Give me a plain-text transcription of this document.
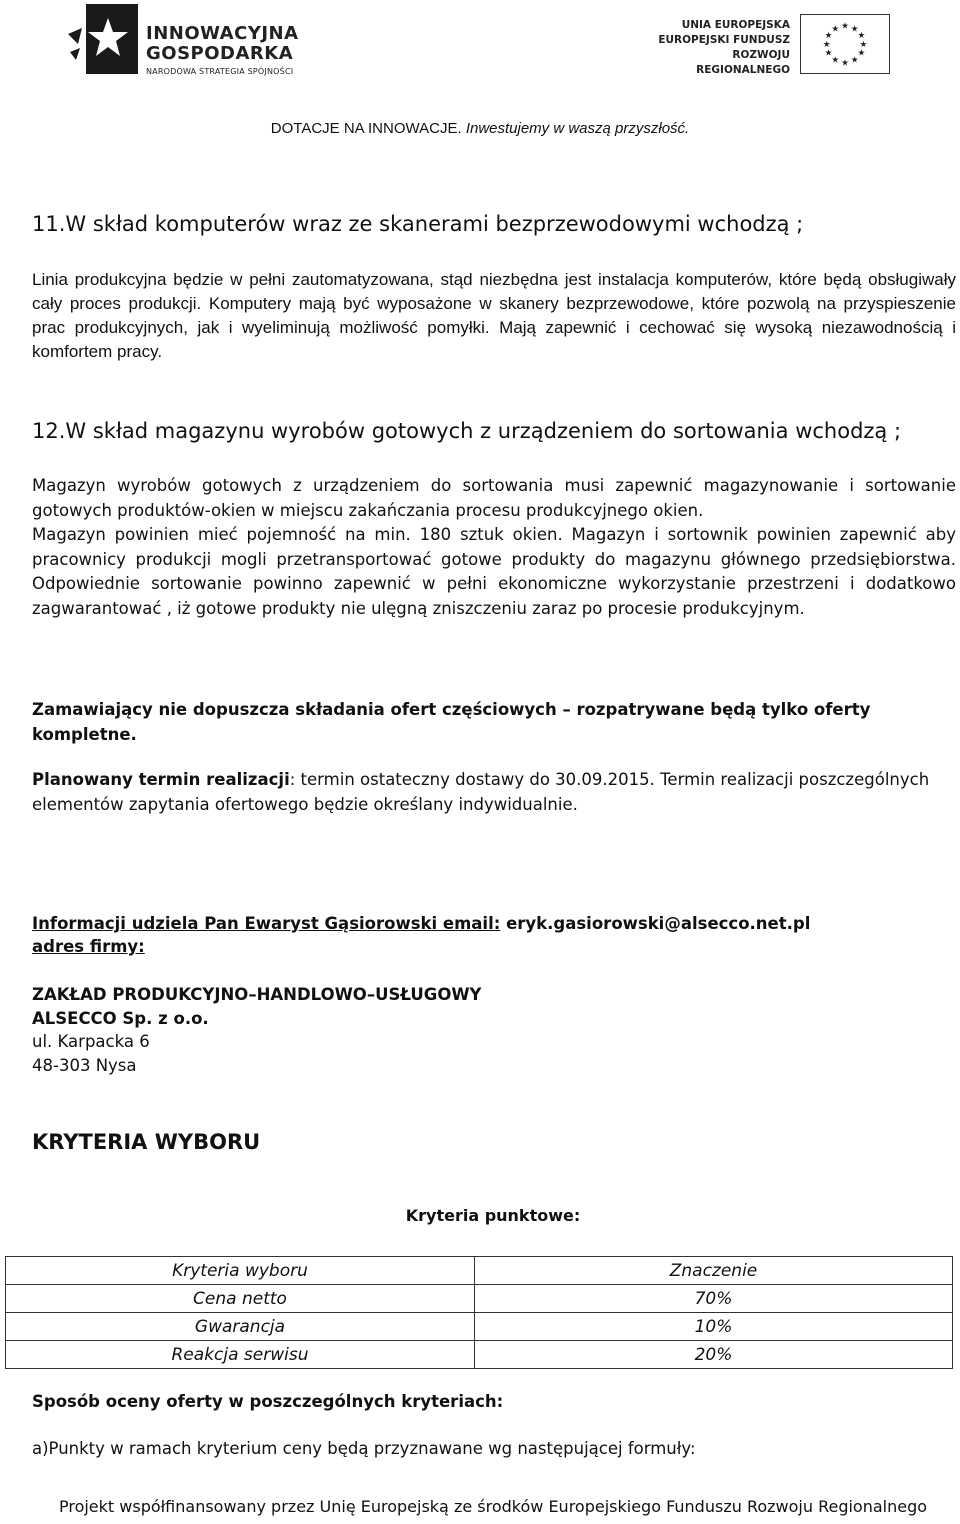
INNOWACYJNA
GOSPODARKA
NARODOWA STRATEGIA SPÓJNOŚCI
UNIA EUROPEJSKA
EUROPEJSKI FUNDUSZ
ROZWOJU REGIONALNEGO
★ ★
★
★
★
★
★
★
★
★
★
★
DOTACJE NA INNOWACJE. Inwestujemy w waszą przyszłość.
11.W skład komputerów wraz ze skanerami bezprzewodowymi wchodzą ;

Linia produkcyjna będzie w pełni zautomatyzowana, stąd niezbędna jest instalacja komputerów, które będą obsługiwały cały proces produkcji. Komputery mają być wyposażone w skanery bezprzewodowe, które pozwolą na przyspieszenie prac produkcyjnych, jak i wyeliminują możliwość pomyłki. Mają zapewnić i cechować się wysoką niezawodnością i komfortem pracy.

12.W skład magazynu wyrobów gotowych z urządzeniem do sortowania wchodzą ;

Magazyn wyrobów gotowych z urządzeniem do sortowania musi zapewnić magazynowanie i sortowanie gotowych produktów-okien w miejscu zakańczania procesu produkcyjnego okien.

Magazyn powinien mieć pojemność na min. 180 sztuk okien. Magazyn i sortownik powinien zapewnić aby pracownicy produkcji mogli przetransportować gotowe produkty do magazynu głównego przedsiębiorstwa. Odpowiednie sortowanie powinno zapewnić w pełni ekonomiczne wykorzystanie przestrzeni i dodatkowo zagwarantować , iż gotowe produkty nie ulęgną zniszczeniu zaraz po procesie produkcyjnym.

Zamawiający nie dopuszcza składania ofert częściowych – rozpatrywane będą tylko oferty kompletne.
Planowany termin realizacji: termin ostateczny dostawy do 30.09.2015. Termin realizacji poszczególnych elementów zapytania ofertowego będzie określany indywidualnie.
Informacji udziela Pan Ewaryst Gąsiorowski email: eryk.gasiorowski@alsecco.net.pl
adres firmy:
ZAKŁAD PRODUKCYJNO–HANDLOWO–USŁUGOWY
ALSECCO Sp. z o.o.
ul. Karpacka 6
48-303 Nysa
KRYTERIA WYBORU
Kryteria punktowe:
Kryteria wyboru	Znaczenie
Cena netto	70%
Gwarancja	10%
Reakcja serwisu	20%
Sposób oceny oferty w poszczególnych kryteriach:
a)Punkty w ramach kryterium ceny będą przyznawane wg następującej formuły:
Projekt współfinansowany przez Unię Europejską ze środków Europejskiego Funduszu Rozwoju Regionalnego
